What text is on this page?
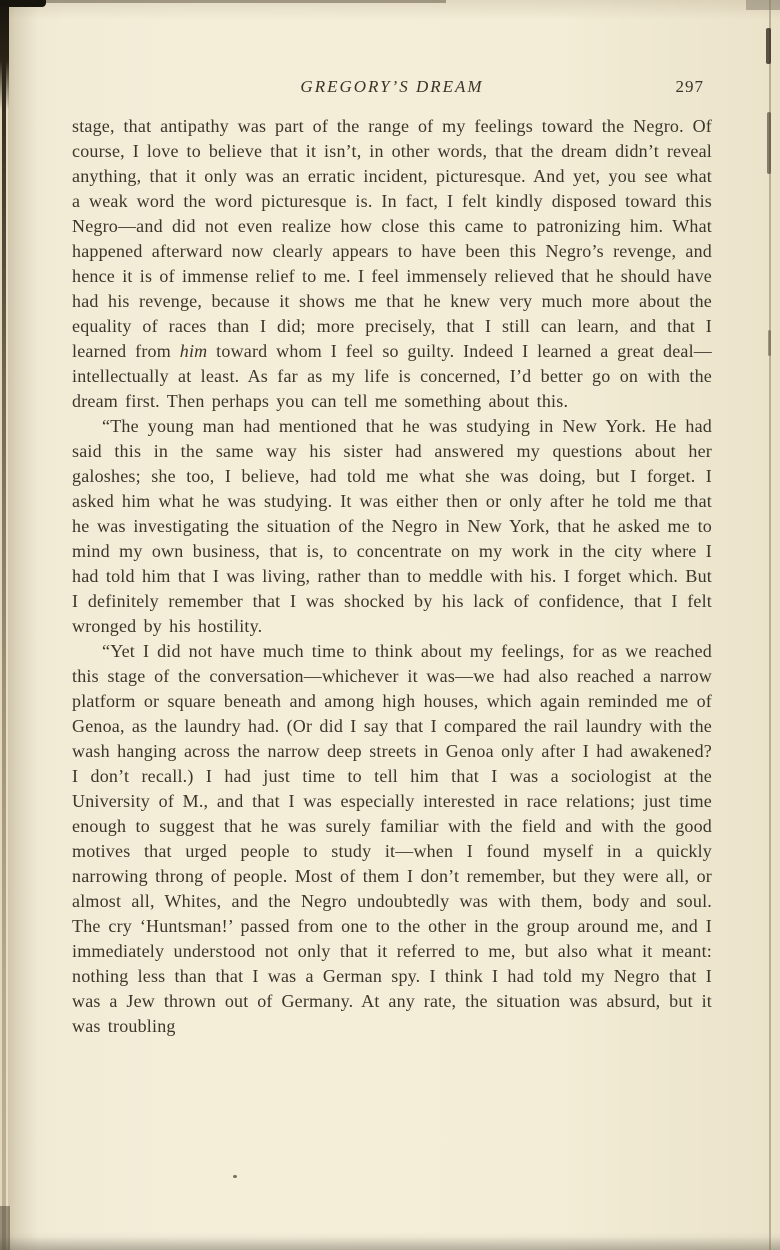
GREGORY’S DREAM	297

stage, that antipathy was part of the range of my feelings toward the Negro. Of course, I love to believe that it isn’t, in other words, that the dream didn’t reveal anything, that it only was an erratic incident, picturesque. And yet, you see what a weak word the word picturesque is. In fact, I felt kindly disposed toward this Negro—and did not even realize how close this came to patronizing him. What happened afterward now clearly appears to have been this Negro’s revenge, and hence it is of immense relief to me. I feel immensely relieved that he should have had his revenge, because it shows me that he knew very much more about the equality of races than I did; more precisely, that I still can learn, and that I learned from him toward whom I feel so guilty. Indeed I learned a great deal—intellectually at least. As far as my life is concerned, I’d better go on with the dream first. Then perhaps you can tell me something about this.

“The young man had mentioned that he was studying in New York. He had said this in the same way his sister had answered my questions about her galoshes; she too, I believe, had told me what she was doing, but I forget. I asked him what he was studying. It was either then or only after he told me that he was investigating the situation of the Negro in New York, that he asked me to mind my own business, that is, to concentrate on my work in the city where I had told him that I was living, rather than to meddle with his. I forget which. But I definitely remember that I was shocked by his lack of confidence, that I felt wronged by his hostility.

“Yet I did not have much time to think about my feelings, for as we reached this stage of the conversation—whichever it was—we had also reached a narrow platform or square beneath and among high houses, which again reminded me of Genoa, as the laundry had. (Or did I say that I compared the rail laundry with the wash hanging across the narrow deep streets in Genoa only after I had awakened? I don’t recall.) I had just time to tell him that I was a sociologist at the University of M., and that I was especially interested in race relations; just time enough to suggest that he was surely familiar with the field and with the good motives that urged people to study it—when I found myself in a quickly narrowing throng of people. Most of them I don’t remember, but they were all, or almost all, Whites, and the Negro undoubtedly was with them, body and soul. The cry ‘Huntsman!’ passed from one to the other in the group around me, and I immediately understood not only that it referred to me, but also what it meant: nothing less than that I was a German spy. I think I had told my Negro that I was a Jew thrown out of Germany. At any rate, the situation was absurd, but it was troubling
